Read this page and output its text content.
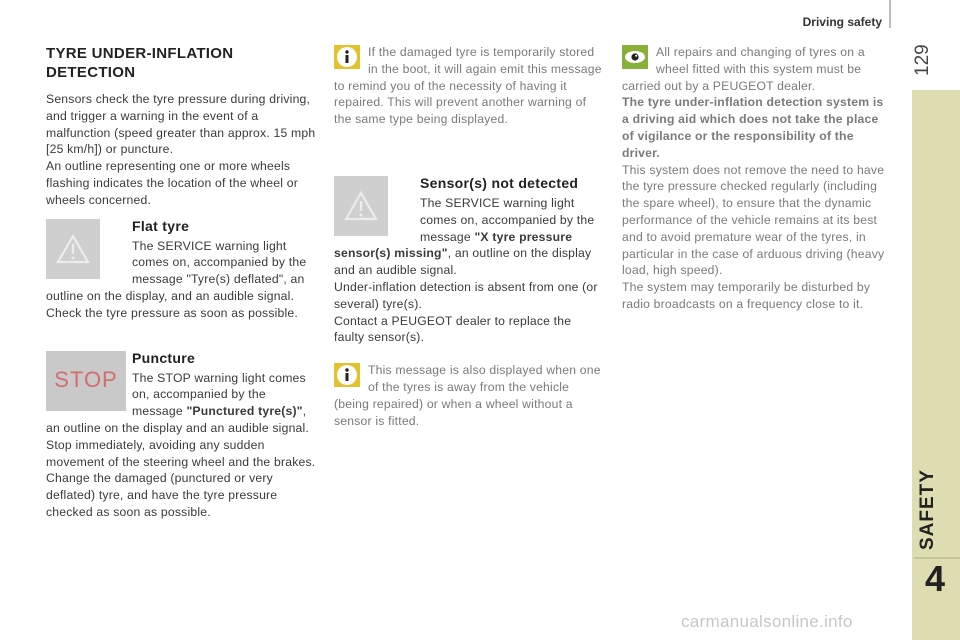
Driving safety
129
SAFETY
4
TYRE UNDER-INFLATION DETECTION

Sensors check the tyre pressure during driving, and trigger a warning in the event of a malfunction (speed greater than approx. 15 mph [25 km/h]) or puncture.

An outline representing one or more wheels flashing indicates the location of the wheel or wheels concerned.

Flat tyre

The SERVICE warning light comes on, accompanied by the message "Tyre(s) deflated", an outline on the display, and an audible signal.

Check the tyre pressure as soon as possible.

STOP
Puncture

The STOP warning light comes on, accompanied by the message "Punctured tyre(s)", an outline on the display and an audible signal.

Stop immediately, avoiding any sudden movement of the steering wheel and the brakes.

Change the damaged (punctured or very deflated) tyre, and have the tyre pressure checked as soon as possible.

If the damaged tyre is temporarily stored in the boot, it will again emit this message to remind you of the necessity of having it repaired. This will prevent another warning of the same type being displayed.

Sensor(s) not detected

The SERVICE warning light comes on, accompanied by the message "X tyre pressure sensor(s) missing", an outline on the display and an audible signal.

Under-inflation detection is absent from one (or several) tyre(s).

Contact a PEUGEOT dealer to replace the faulty sensor(s).

This message is also displayed when one of the tyres is away from the vehicle (being repaired) or when a wheel without a sensor is fitted.

All repairs and changing of tyres on a wheel fitted with this system must be carried out by a PEUGEOT dealer.

The tyre under-inflation detection system is a driving aid which does not take the place of vigilance or the responsibility of the driver.

This system does not remove the need to have the tyre pressure checked regularly (including the spare wheel), to ensure that the dynamic performance of the vehicle remains at its best and to avoid premature wear of the tyres, in particular in the case of arduous driving (heavy load, high speed).

The system may temporarily be disturbed by radio broadcasts on a frequency close to it.

carmanualsonline.info
